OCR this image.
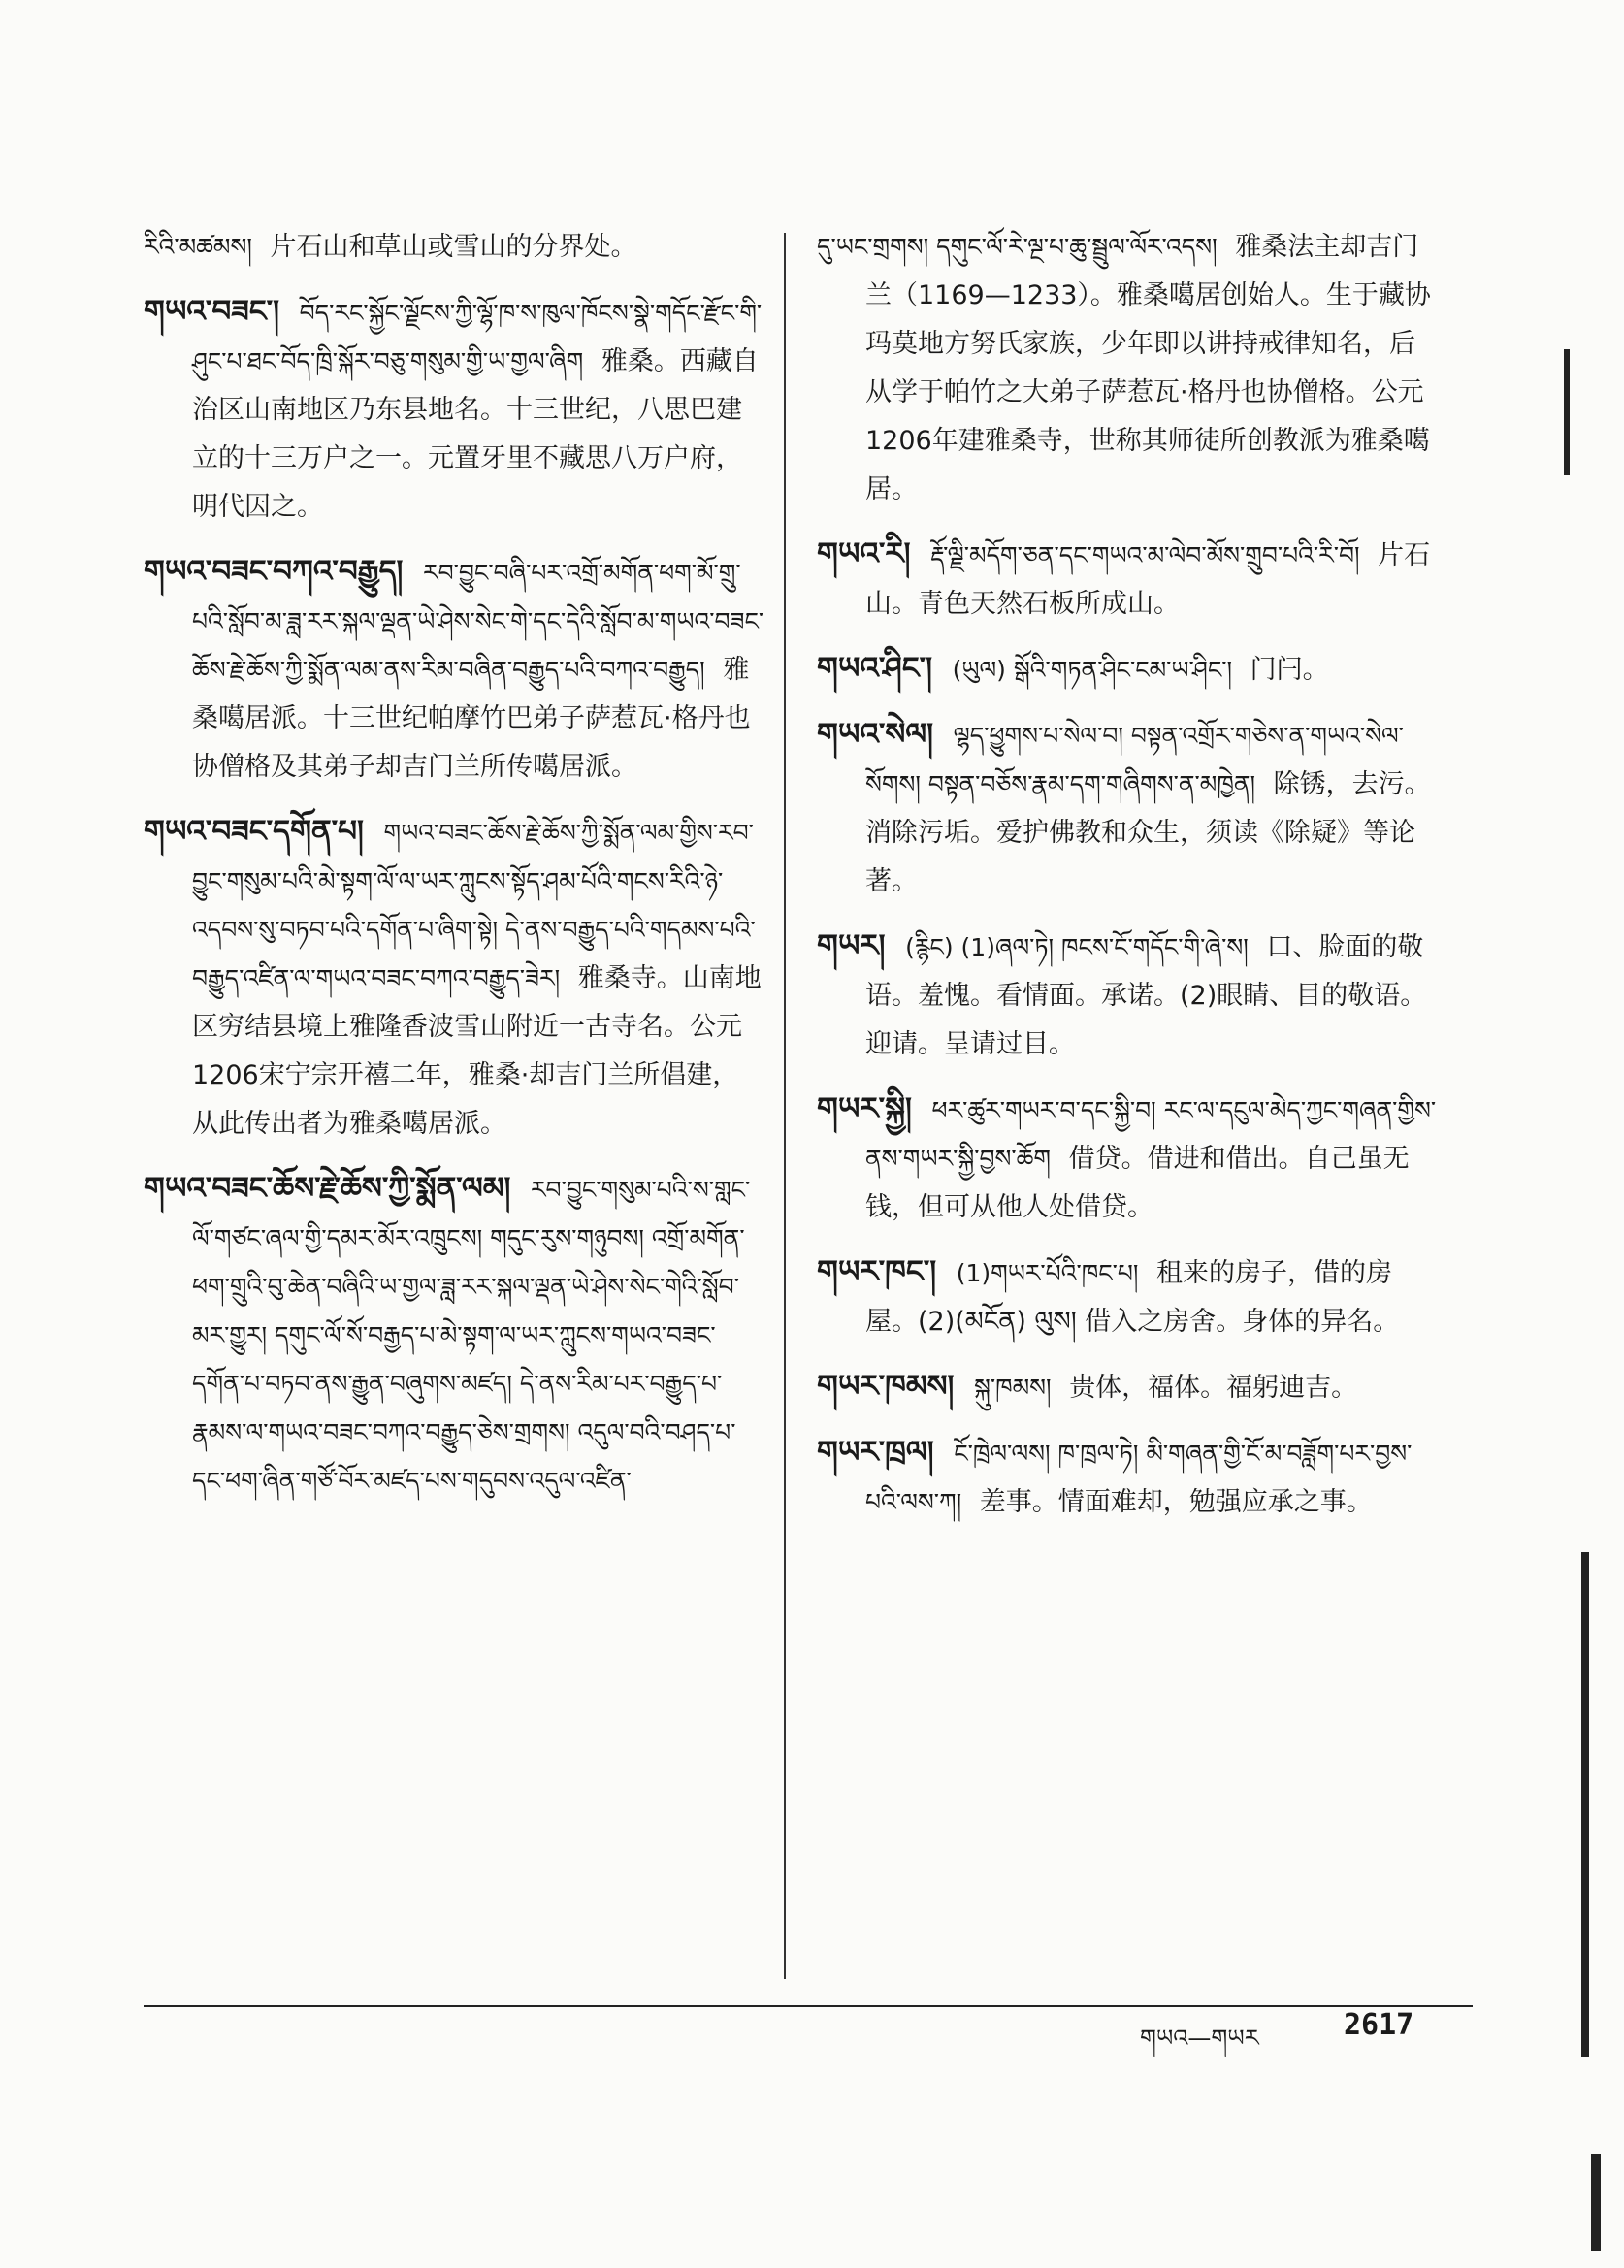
རིའི་མཚམས། 片石山和草山或雪山的分界处。

གཡའ་བཟང་། བོད་རང་སྐྱོང་ལྗོངས་ཀྱི་ལྷོ་ཁ་ས་ཁུལ་ཁོངས་སྣེ་གདོང་རྫོང་གི་ཤུང་པ་ཐང་བོད་ཁྲི་སྐོར་བཅུ་གསུམ་གྱི་ཡ་གྱལ་ཞིག 雅桑。西藏自治区山南地区乃东县地名。十三世纪，八思巴建立的十三万户之一。元置牙里不藏思八万户府，明代因之。

གཡའ་བཟང་བཀའ་བརྒྱུད། རབ་བྱུང་བཞི་པར་འགྲོ་མགོན་ཕག་མོ་གྲུ་པའི་སློབ་མ་ཟླ་རར་སྐལ་ལྡན་ཡེ་ཤེས་སེང་གེ་དང་དེའི་སློབ་མ་གཡའ་བཟང་ཆོས་རྗེ་ཆོས་ཀྱི་སྨོན་ལམ་ནས་རིམ་བཞིན་བརྒྱུད་པའི་བཀའ་བརྒྱུད། 雅桑噶居派。十三世纪帕摩竹巴弟子萨惹瓦·格丹也协僧格及其弟子却吉门兰所传噶居派。

གཡའ་བཟང་དགོན་པ། གཡའ་བཟང་ཆོས་རྗེ་ཆོས་ཀྱི་སྨོན་ལམ་གྱིས་རབ་བྱུང་གསུམ་པའི་མེ་སྟག་ལོ་ལ་ཡར་ཀླུངས་སྟོད་ཤམ་པོའི་གངས་རིའི་ཉེ་འདབས་སུ་བཏབ་པའི་དགོན་པ་ཞིག་སྟེ། དེ་ནས་བརྒྱུད་པའི་གདམས་པའི་བརྒྱུད་འཛིན་ལ་གཡའ་བཟང་བཀའ་བརྒྱུད་ཟེར། 雅桑寺。山南地区穷结县境上雅隆香波雪山附近一古寺名。公元1206宋宁宗开禧二年，雅桑·却吉门兰所倡建，从此传出者为雅桑噶居派。

གཡའ་བཟང་ཆོས་རྗེ་ཆོས་ཀྱི་སྨོན་ལམ། རབ་བྱུང་གསུམ་པའི་ས་གླང་ལོ་གཙང་ཞལ་གྱི་དམར་མོར་འཁྲུངས། གདུང་རུས་གཉུབས། འགྲོ་མགོན་ཕག་གྲུའི་བུ་ཆེན་བཞིའི་ཡ་གྱལ་ཟླ་རར་སྐལ་ལྡན་ཡེ་ཤེས་སེང་གེའི་སློབ་མར་གྱུར། དགུང་ལོ་སོ་བརྒྱད་པ་མེ་སྟག་ལ་ཡར་ཀླུངས་གཡའ་བཟང་དགོན་པ་བཏབ་ནས་རྒྱུན་བཞུགས་མཛད། དེ་ནས་རིམ་པར་བརྒྱུད་པ་རྣམས་ལ་གཡའ་བཟང་བཀའ་བརྒྱུད་ཅེས་གྲགས། འདུལ་བའི་བཤད་པ་དང་ཕག་ཞིན་གཙོ་བོར་མཛད་པས་གདུབས་འདུལ་འཛིན་

དུ་ཡང་གྲགས། དགུང་ལོ་རེ་ལྔ་པ་ཆུ་སྦྲུལ་ལོར་འདས། 雅桑法主却吉门兰（1169—1233）。雅桑噶居创始人。生于藏协玛莫地方努氏家族，少年即以讲持戒律知名，后从学于帕竹之大弟子萨惹瓦·格丹也协僧格。公元1206年建雅桑寺，世称其师徒所创教派为雅桑噶居。

གཡའ་རི། རྡོ་ལྗི་མདོག་ཅན་དང་གཡའ་མ་ལེབ་མོས་གྲུབ་པའི་རི་བོ། 片石山。青色天然石板所成山。

གཡའ་ཤིང་། (ཡུལ) སྒོའི་གཏན་ཤིང་ངམ་ཡ་ཤིང་། 门闩。

གཡའ་སེལ། ལྷད་ཕྱུགས་པ་སེལ་བ། བསྟན་འགྲོར་གཅེས་ན་གཡའ་སེལ་སོགས། བསྟན་བཅོས་རྣམ་དག་གཞིགས་ན་མཁྱེན། 除锈，去污。消除污垢。爱护佛教和众生，须读《除疑》等论著。

གཡར། (རྙིང) (1)ཞལ་ཏེ། ཁངས་ངོ་གདོང་གི་ཞེ་ས། 口、脸面的敬语。羞愧。看情面。承诺。(2)眼睛、目的敬语。迎请。呈请过目。

གཡར་སྐྱི། ཕར་ཚུར་གཡར་བ་དང་སྐྱི་བ། རང་ལ་དངུལ་མེད་ཀྱང་གཞན་གྱིས་ནས་གཡར་སྐྱི་བྱས་ཆོག 借贷。借进和借出。自己虽无钱，但可从他人处借贷。

གཡར་ཁང་། (1)གཡར་པོའི་ཁང་པ། 租来的房子，借的房屋。(2)(མངོན) ལུས། 借入之房舍。身体的异名。

གཡར་ཁམས། སྐུ་ཁམས། 贵体，福体。福躬迪吉。

གཡར་ཁྲལ། ངོ་ཁྲེལ་ལས། ཁ་ཁྲལ་ཏེ། མི་གཞན་གྱི་ངོ་མ་བཟློག་པར་བྱས་པའི་ལས་ཀ། 差事。情面难却，勉强应承之事。

གཡའ—གཡར	2617
